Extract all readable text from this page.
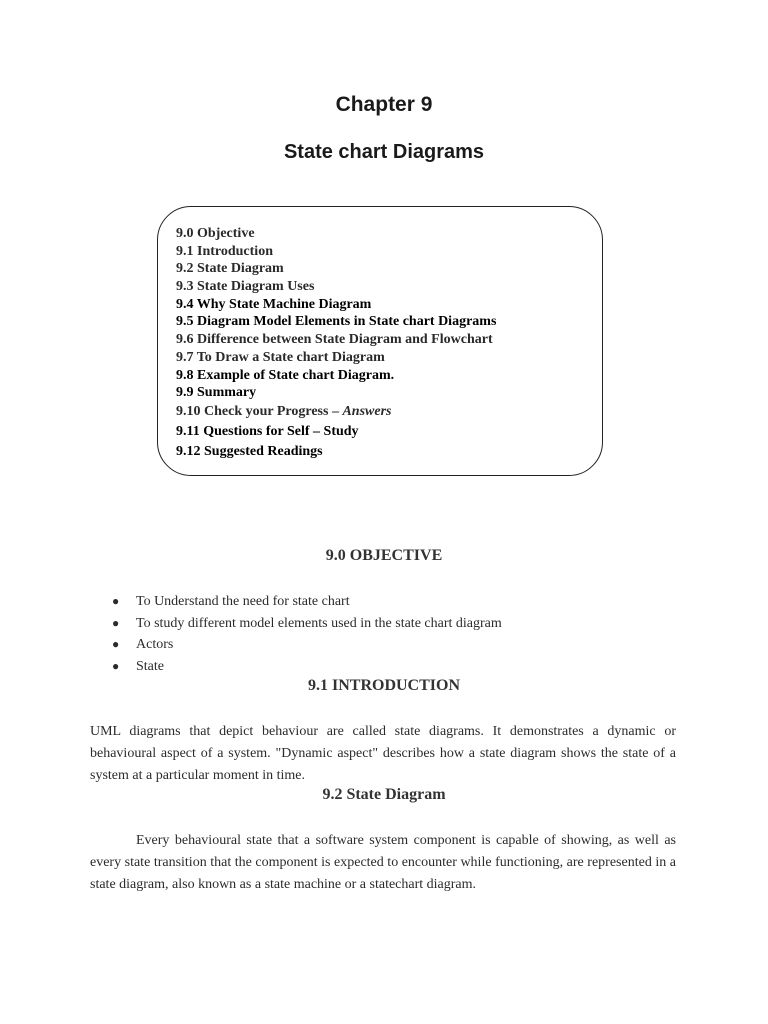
Chapter 9
State chart Diagrams
9.0 Objective
9.1 Introduction
9.2 State Diagram
9.3 State Diagram Uses
9.4 Why State Machine Diagram
9.5 Diagram Model Elements in State chart Diagrams
9.6 Difference between State Diagram and Flowchart
9.7 To Draw a State chart Diagram
9.8 Example of State chart Diagram.
9.9 Summary
9.10 Check your Progress – Answers
9.11 Questions for Self – Study
9.12 Suggested Readings
9.0 OBJECTIVE
● To Understand the need for state chart
● To study different model elements used in the state chart diagram
● Actors
● State
9.1 INTRODUCTION

UML diagrams that depict behaviour are called state diagrams. It demonstrates a dynamic or behavioural aspect of a system. "Dynamic aspect" describes how a state diagram shows the state of a system at a particular moment in time.

9.2 State Diagram

Every behavioural state that a software system component is capable of showing, as well as every state transition that the component is expected to encounter while functioning, are represented in a state diagram, also known as a state machine or a statechart diagram.
